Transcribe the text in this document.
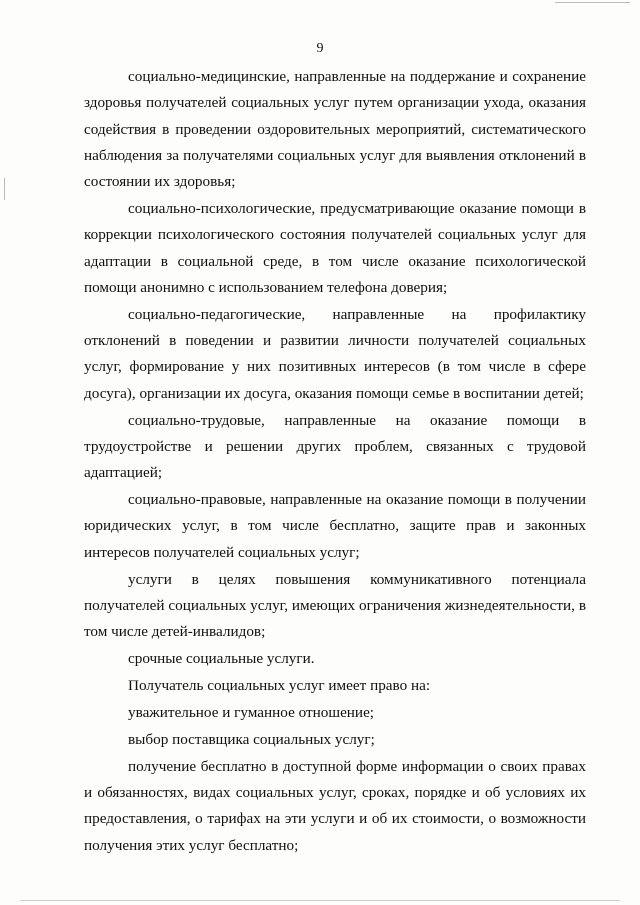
9

социально-медицинские, направленные на поддержание и сохранение здоровья получателей социальных услуг путем организации ухода, оказания содействия в проведении оздоровительных мероприятий, систематического наблюдения за получателями социальных услуг для выявления отклонений в состоянии их здоровья;

социально-психологические, предусматривающие оказание помощи в коррекции психологического состояния получателей социальных услуг для адаптации в социальной среде, в том числе оказание психологической помощи анонимно с использованием телефона доверия;

социально-педагогические, направленные на профилактику отклонений в поведении и развитии личности получателей социальных услуг, формирование у них позитивных интересов (в том числе в сфере досуга), организации их досуга, оказания помощи семье в воспитании детей;

социально-трудовые, направленные на оказание помощи в трудоустройстве и решении других проблем, связанных с трудовой адаптацией;

социально-правовые, направленные на оказание помощи в получении юридических услуг, в том числе бесплатно, защите прав и законных интересов получателей социальных услуг;

услуги в целях повышения коммуникативного потенциала получателей социальных услуг, имеющих ограничения жизнедеятельности, в том числе детей-инвалидов;

срочные социальные услуги.

Получатель социальных услуг имеет право на:

уважительное и гуманное отношение;

выбор поставщика социальных услуг;

получение бесплатно в доступной форме информации о своих правах и обязанностях, видах социальных услуг, сроках, порядке и об условиях их предоставления, о тарифах на эти услуги и об их стоимости, о возможности получения этих услуг бесплатно;
